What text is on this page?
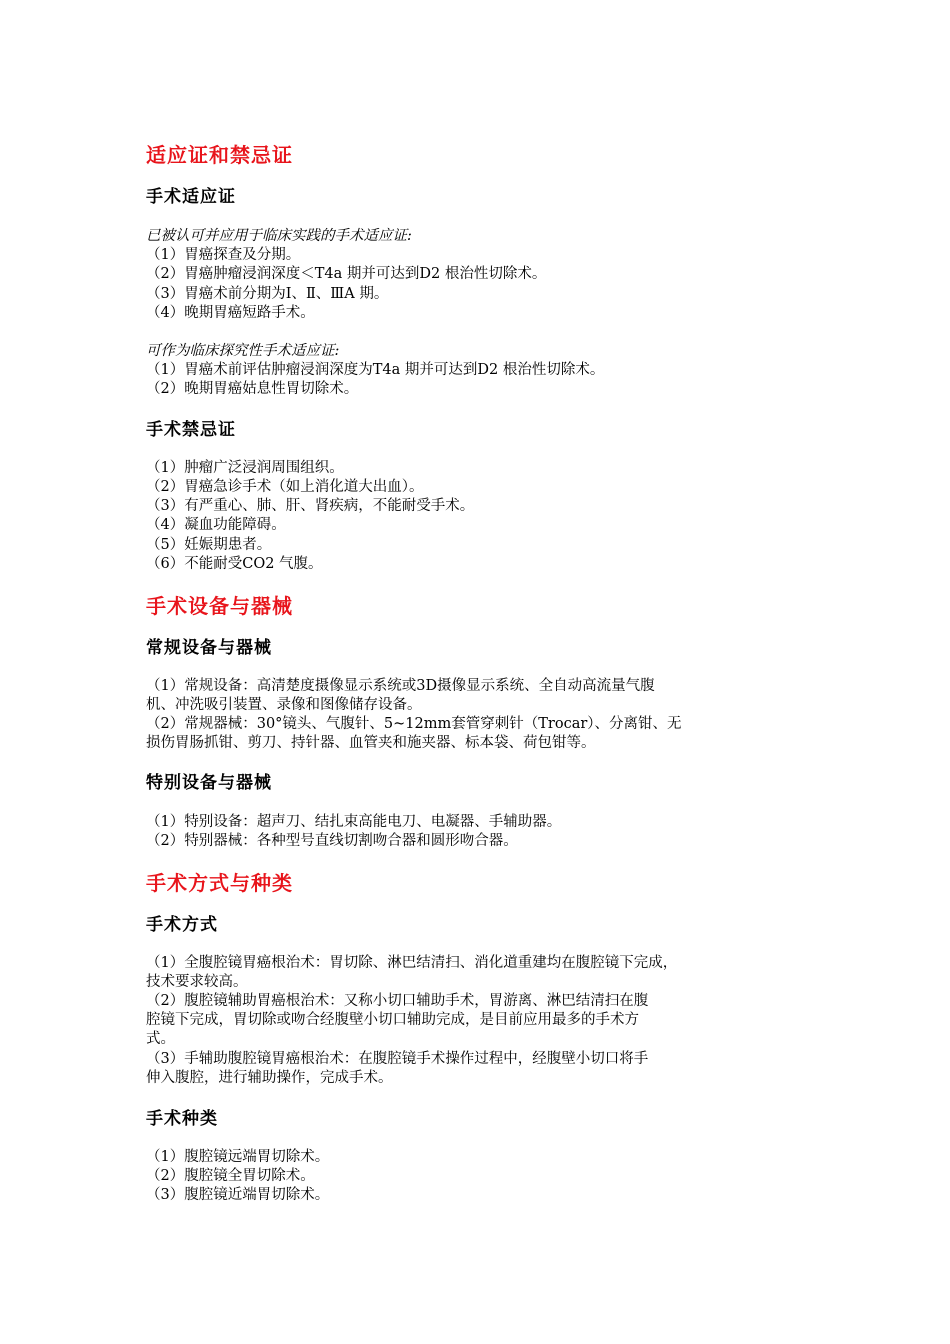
适应证和禁忌证
手术适应证
已被认可并应用于临床实践的手术适应证:
（1）胃癌探查及分期。
（2）胃癌肿瘤浸润深度＜T4a 期并可达到D2 根治性切除术。
（3）胃癌术前分期为Ⅰ、Ⅱ、ⅢA 期。
（4）晚期胃癌短路手术。
可作为临床探究性手术适应证:
（1）胃癌术前评估肿瘤浸润深度为T4a 期并可达到D2 根治性切除术。
（2）晚期胃癌姑息性胃切除术。
手术禁忌证
（1）肿瘤广泛浸润周围组织。
（2）胃癌急诊手术（如上消化道大出血）。
（3）有严重心、肺、肝、肾疾病，不能耐受手术。
（4）凝血功能障碍。
（5）妊娠期患者。
（6）不能耐受CO2 气腹。
手术设备与器械
常规设备与器械
（1）常规设备：高清楚度摄像显示系统或3D摄像显示系统、全自动高流量气腹
机、冲洗吸引装置、录像和图像储存设备。
（2）常规器械：30°镜头、气腹针、5~12mm套管穿刺针（Trocar）、分离钳、无
损伤胃肠抓钳、剪刀、持针器、血管夹和施夹器、标本袋、荷包钳等。
特别设备与器械
（1）特别设备：超声刀、结扎束高能电刀、电凝器、手辅助器。
（2）特别器械：各种型号直线切割吻合器和圆形吻合器。
手术方式与种类
手术方式
（1）全腹腔镜胃癌根治术：胃切除、淋巴结清扫、消化道重建均在腹腔镜下完成，
技术要求较高。
（2）腹腔镜辅助胃癌根治术：又称小切口辅助手术，胃游离、淋巴结清扫在腹
腔镜下完成，胃切除或吻合经腹壁小切口辅助完成，是目前应用最多的手术方
式。
（3）手辅助腹腔镜胃癌根治术：在腹腔镜手术操作过程中，经腹壁小切口将手
伸入腹腔，进行辅助操作，完成手术。
手术种类
（1）腹腔镜远端胃切除术。
（2）腹腔镜全胃切除术。
（3）腹腔镜近端胃切除术。
